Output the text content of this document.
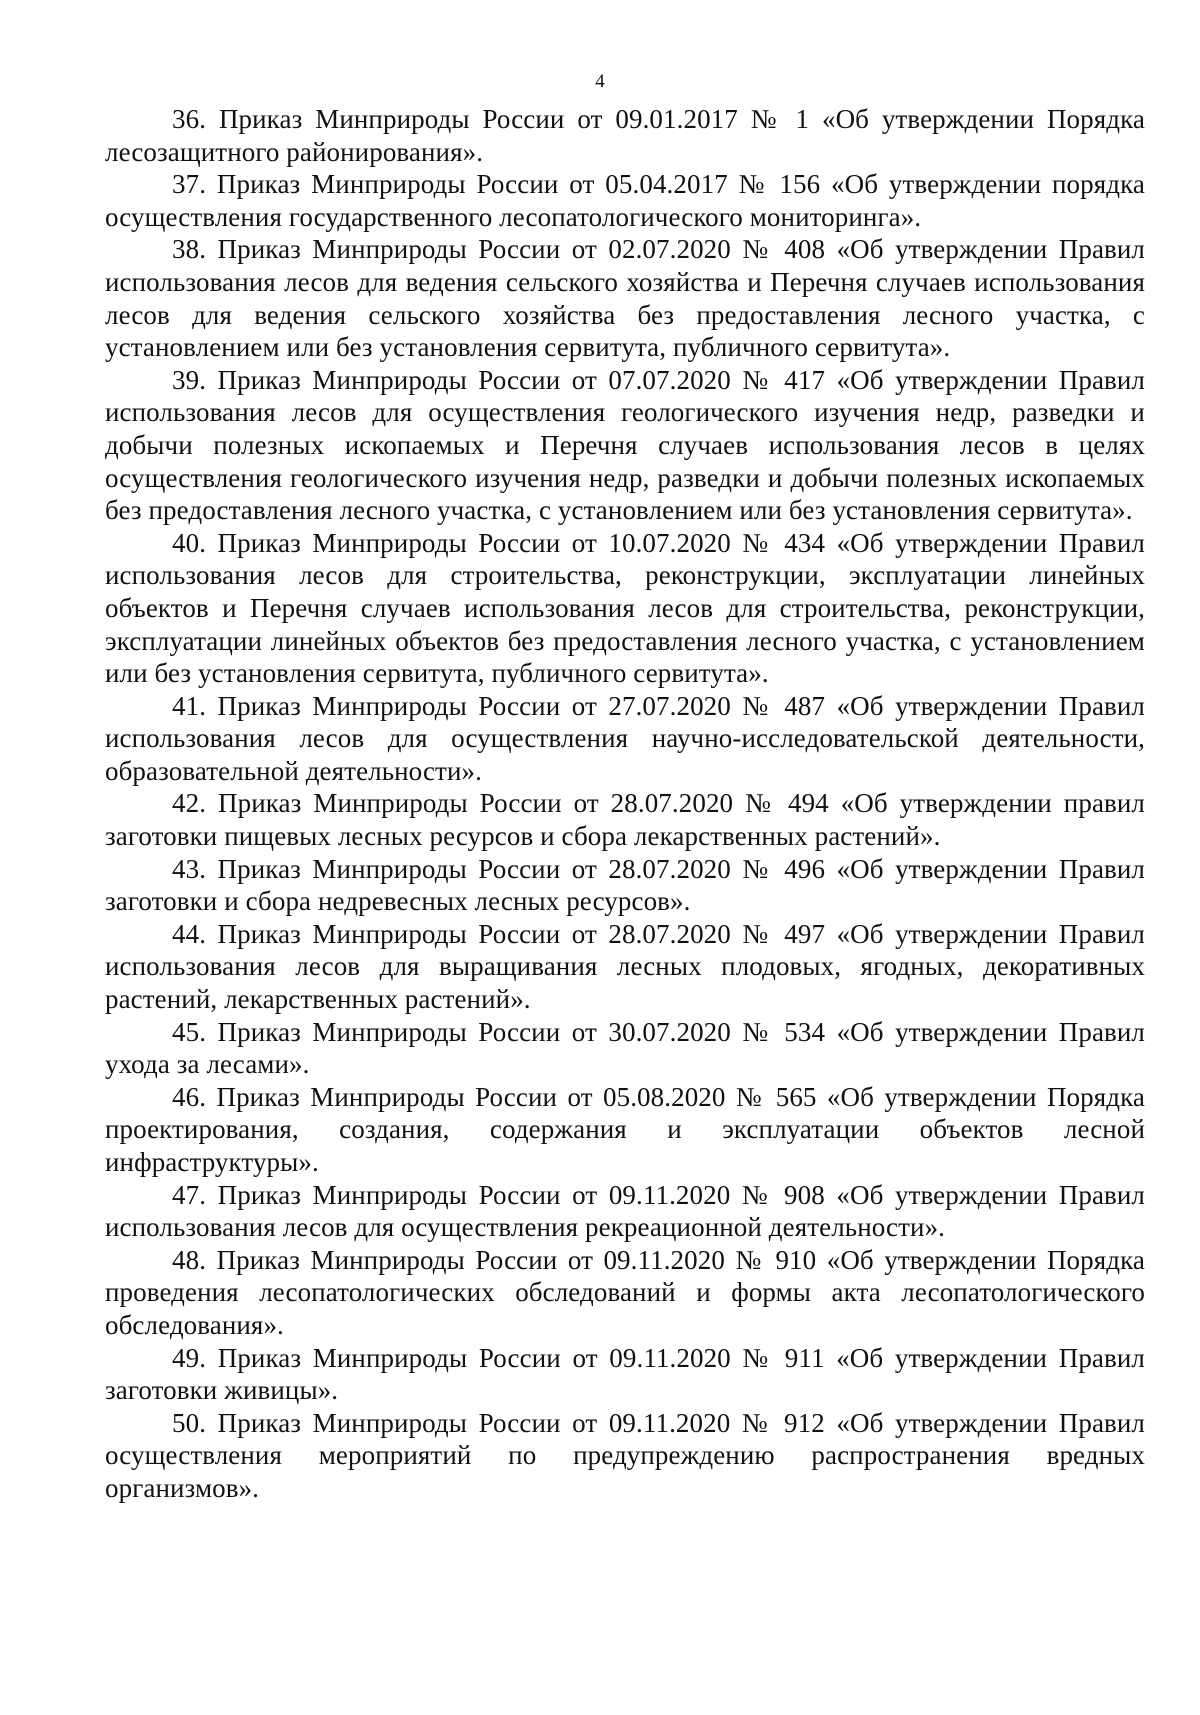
4

36. Приказ Минприроды России от 09.01.2017 № 1 «Об утверждении Порядка лесозащитного районирования».

37. Приказ Минприроды России от 05.04.2017 № 156 «Об утверждении порядка осуществления государственного лесопатологического мониторинга».

38. Приказ Минприроды России от 02.07.2020 № 408 «Об утверждении Правил использования лесов для ведения сельского хозяйства и Перечня случаев использования лесов для ведения сельского хозяйства без предоставления лесного участка, с установлением или без установления сервитута, публичного сервитута».

39. Приказ Минприроды России от 07.07.2020 № 417 «Об утверждении Правил использования лесов для осуществления геологического изучения недр, разведки и добычи полезных ископаемых и Перечня случаев использования лесов в целях осуществления геологического изучения недр, разведки и добычи полезных ископаемых без предоставления лесного участка, с установлением или без установления сервитута».

40. Приказ Минприроды России от 10.07.2020 № 434 «Об утверждении Правил использования лесов для строительства, реконструкции, эксплуатации линейных объектов и Перечня случаев использования лесов для строительства, реконструкции, эксплуатации линейных объектов без предоставления лесного участка, с установлением или без установления сервитута, публичного сервитута».

41. Приказ Минприроды России от 27.07.2020 № 487 «Об утверждении Правил использования лесов для осуществления научно-исследовательской деятельности, образовательной деятельности».

42. Приказ Минприроды России от 28.07.2020 № 494 «Об утверждении правил заготовки пищевых лесных ресурсов и сбора лекарственных растений».

43. Приказ Минприроды России от 28.07.2020 № 496 «Об утверждении Правил заготовки и сбора недревесных лесных ресурсов».

44. Приказ Минприроды России от 28.07.2020 № 497 «Об утверждении Правил использования лесов для выращивания лесных плодовых, ягодных, декоративных растений, лекарственных растений».

45. Приказ Минприроды России от 30.07.2020 № 534 «Об утверждении Правил ухода за лесами».

46. Приказ Минприроды России от 05.08.2020 № 565 «Об утверждении Порядка проектирования, создания, содержания и эксплуатации объектов лесной инфраструктуры».

47. Приказ Минприроды России от 09.11.2020 № 908 «Об утверждении Правил использования лесов для осуществления рекреационной деятельности».

48. Приказ Минприроды России от 09.11.2020 № 910 «Об утверждении Порядка проведения лесопатологических обследований и формы акта лесопатологического обследования».

49. Приказ Минприроды России от 09.11.2020 № 911 «Об утверждении Правил заготовки живицы».

50. Приказ Минприроды России от 09.11.2020 № 912 «Об утверждении Правил осуществления мероприятий по предупреждению распространения вредных организмов».
